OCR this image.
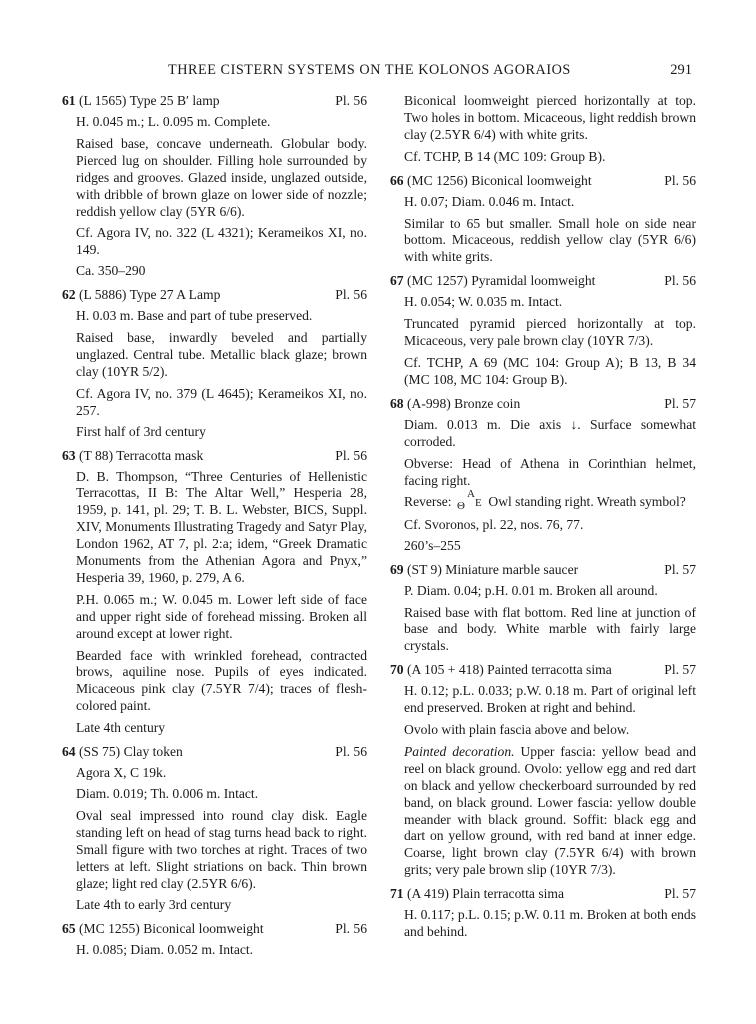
THREE CISTERN SYSTEMS ON THE KOLONOS AGORAIOS	291
61 (L 1565) Type 25 B′ lamp	Pl. 56

H. 0.045 m.; L. 0.095 m. Complete.

Raised base, concave underneath. Globular body. Pierced lug on shoulder. Filling hole surrounded by ridges and grooves. Glazed inside, unglazed outside, with dribble of brown glaze on lower side of nozzle; reddish yellow clay (5YR 6/6).

Cf. Agora IV, no. 322 (L 4321); Kerameikos XI, no. 149.

Ca. 350–290

62 (L 5886) Type 27 A Lamp	Pl. 56

H. 0.03 m. Base and part of tube preserved.

Raised base, inwardly beveled and partially unglazed. Central tube. Metallic black glaze; brown clay (10YR 5/2).

Cf. Agora IV, no. 379 (L 4645); Kerameikos XI, no. 257.

First half of 3rd century

63 (T 88) Terracotta mask	Pl. 56

D. B. Thompson, “Three Centuries of Hellenistic Terracottas, II B: The Altar Well,” Hesperia 28, 1959, p. 141, pl. 29; T. B. L. Webster, BICS, Suppl. XIV, Monuments Illustrating Tragedy and Satyr Play, London 1962, AT 7, pl. 2:a; idem, “Greek Dramatic Monuments from the Athenian Agora and Pnyx,” Hesperia 39, 1960, p. 279, A 6.

P.H. 0.065 m.; W. 0.045 m. Lower left side of face and upper right side of forehead missing. Broken all around except at lower right.

Bearded face with wrinkled forehead, contracted brows, aquiline nose. Pupils of eyes indicated. Micaceous pink clay (7.5YR 7/4); traces of flesh-colored paint.

Late 4th century

64 (SS 75) Clay token	Pl. 56

Agora X, C 19k.

Diam. 0.019; Th. 0.006 m. Intact.

Oval seal impressed into round clay disk. Eagle standing left on head of stag turns head back to right. Small figure with two torches at right. Traces of two letters at left. Slight striations on back. Thin brown glaze; light red clay (2.5YR 6/6).

Late 4th to early 3rd century

65 (MC 1255) Biconical loomweight	Pl. 56

H. 0.085; Diam. 0.052 m. Intact.

Biconical loomweight pierced horizontally at top. Two holes in bottom. Micaceous, light reddish brown clay (2.5YR 6/4) with white grits.

Cf. TCHP, B 14 (MC 109: Group B).

66 (MC 1256) Biconical loomweight	Pl. 56

H. 0.07; Diam. 0.046 m. Intact.

Similar to 65 but smaller. Small hole on side near bottom. Micaceous, reddish yellow clay (5YR 6/6) with white grits.

67 (MC 1257) Pyramidal loomweight	Pl. 56

H. 0.054; W. 0.035 m. Intact.

Truncated pyramid pierced horizontally at top. Micaceous, very pale brown clay (10YR 7/3).

Cf. TCHP, A 69 (MC 104: Group A); B 13, B 34 (MC 108, MC 104: Group B).

68 (A-998) Bronze coin	Pl. 57

Diam. 0.013 m. Die axis ↓. Surface somewhat corroded.

Obverse: Head of Athena in Corinthian helmet, facing right.

Reverse:
A
Θ E Owl standing right. Wreath symbol?

Cf. Svoronos, pl. 22, nos. 76, 77.

260’s–255

69 (ST 9) Miniature marble saucer	Pl. 57

P. Diam. 0.04; p.H. 0.01 m. Broken all around.

Raised base with flat bottom. Red line at junction of base and body. White marble with fairly large crystals.

70 (A 105 + 418) Painted terracotta sima	Pl. 57

H. 0.12; p.L. 0.033; p.W. 0.18 m. Part of original left end preserved. Broken at right and behind.

Ovolo with plain fascia above and below.

Painted decoration. Upper fascia: yellow bead and reel on black ground. Ovolo: yellow egg and red dart on black and yellow checkerboard surrounded by red band, on black ground. Lower fascia: yellow double meander with black ground. Soffit: black egg and dart on yellow ground, with red band at inner edge. Coarse, light brown clay (7.5YR 6/4) with brown grits; very pale brown slip (10YR 7/3).

71 (A 419) Plain terracotta sima	Pl. 57

H. 0.117; p.L. 0.15; p.W. 0.11 m. Broken at both ends and behind.
